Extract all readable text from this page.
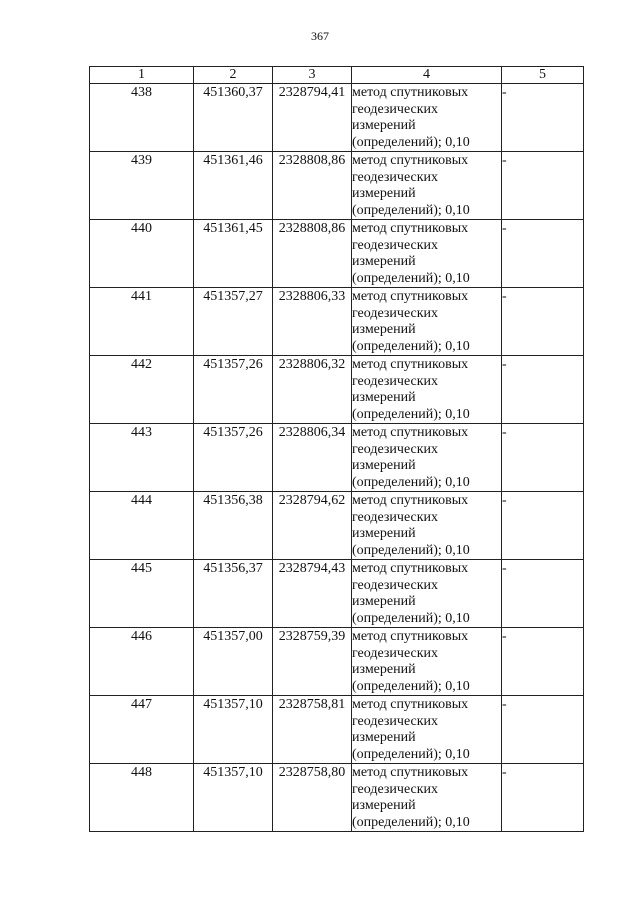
367
1	2	3	4	5
438	451360,37	2328794,41	метод спутниковых
геодезических
измерений
(определений); 0,10	-
439	451361,46	2328808,86	метод спутниковых
геодезических
измерений
(определений); 0,10	-
440	451361,45	2328808,86	метод спутниковых
геодезических
измерений
(определений); 0,10	-
441	451357,27	2328806,33	метод спутниковых
геодезических
измерений
(определений); 0,10	-
442	451357,26	2328806,32	метод спутниковых
геодезических
измерений
(определений); 0,10	-
443	451357,26	2328806,34	метод спутниковых
геодезических
измерений
(определений); 0,10	-
444	451356,38	2328794,62	метод спутниковых
геодезических
измерений
(определений); 0,10	-
445	451356,37	2328794,43	метод спутниковых
геодезических
измерений
(определений); 0,10	-
446	451357,00	2328759,39	метод спутниковых
геодезических
измерений
(определений); 0,10	-
447	451357,10	2328758,81	метод спутниковых
геодезических
измерений
(определений); 0,10	-
448	451357,10	2328758,80	метод спутниковых
геодезических
измерений
(определений); 0,10	-
